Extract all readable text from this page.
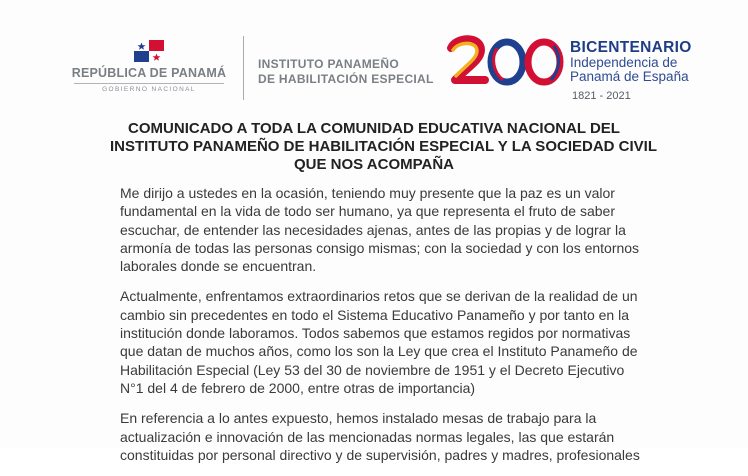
REPÚBLICA DE PANAMÁ
GOBIERNO NACIONAL
INSTITUTO PANAMEÑO
DE HABILITACIÓN ESPECIAL
BICENTENARIO
Independencia de
Panamá de España
1821 - 2021
COMUNICADO A TODA LA COMUNIDAD EDUCATIVA NACIONAL DEL
INSTITUTO PANAMEÑO DE HABILITACIÓN ESPECIAL Y LA SOCIEDAD CIVIL
QUE NOS ACOMPAÑA

Me dirijo a ustedes en la ocasión, teniendo muy presente que la paz es un valor
fundamental en la vida de todo ser humano, ya que representa el fruto de saber
escuchar, de entender las necesidades ajenas, antes de las propias y de lograr la
armonía de todas las personas consigo mismas; con la sociedad y con los entornos
laborales donde se encuentran.

Actualmente, enfrentamos extraordinarios retos que se derivan de la realidad de un
cambio sin precedentes en todo el Sistema Educativo Panameño y por tanto en la
institución donde laboramos. Todos sabemos que estamos regidos por normativas
que datan de muchos años, como los son la Ley que crea el Instituto Panameño de
Habilitación Especial (Ley 53 del 30 de noviembre de 1951 y el Decreto Ejecutivo
N°1 del 4 de febrero de 2000, entre otras de importancia)

En referencia a lo antes expuesto, hemos instalado mesas de trabajo para la
actualización e innovación de las mencionadas normas legales, las que estarán
constituidas por personal directivo y de supervisión, padres y madres, profesionales
